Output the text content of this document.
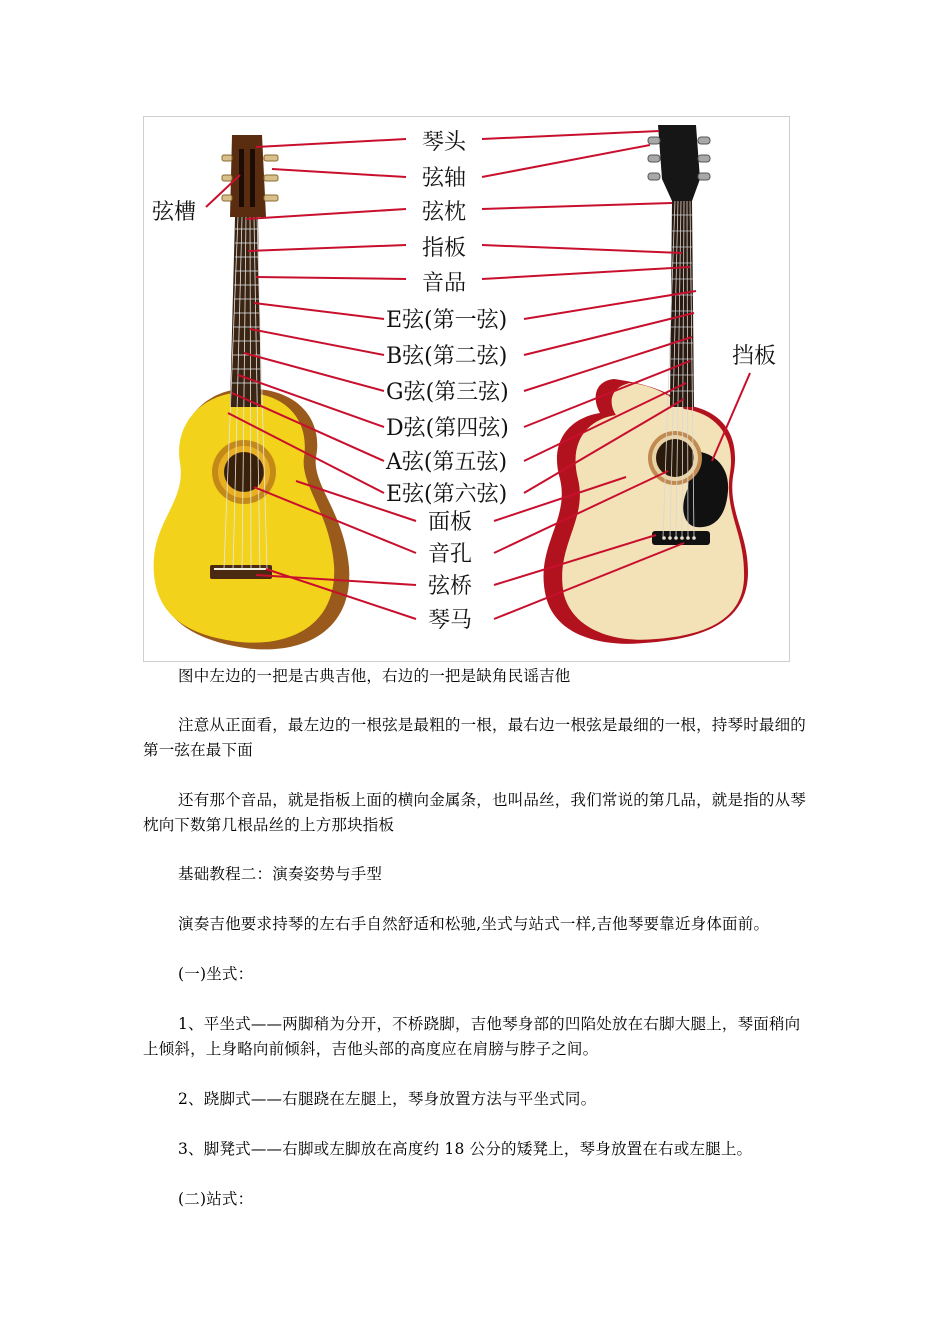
琴头
弦轴
弦枕
指板
音品
E弦(第一弦)
B弦(第二弦)
G弦(第三弦)
D弦(第四弦)
A弦(第五弦)
E弦(第六弦)
面板
音孔
弦桥
琴马
弦槽
挡板

图中左边的一把是古典吉他，右边的一把是缺角民谣吉他

注意从正面看，最左边的一根弦是最粗的一根，最右边一根弦是最细的一根，持琴时最细的第一弦在最下面

还有那个音品，就是指板上面的横向金属条，也叫品丝，我们常说的第几品，就是指的从琴枕向下数第几根品丝的上方那块指板

基础教程二：演奏姿势与手型

演奏吉他要求持琴的左右手自然舒适和松驰,坐式与站式一样,吉他琴要靠近身体面前。

(一)坐式：

1、平坐式——两脚稍为分开，不桥跷脚，吉他琴身部的凹陷处放在右脚大腿上，琴面稍向上倾斜，上身略向前倾斜，吉他头部的高度应在肩膀与脖子之间。

2、跷脚式——右腿跷在左腿上，琴身放置方法与平坐式同。

3、脚凳式——右脚或左脚放在高度约 18 公分的矮凳上，琴身放置在右或左腿上。

(二)站式：
